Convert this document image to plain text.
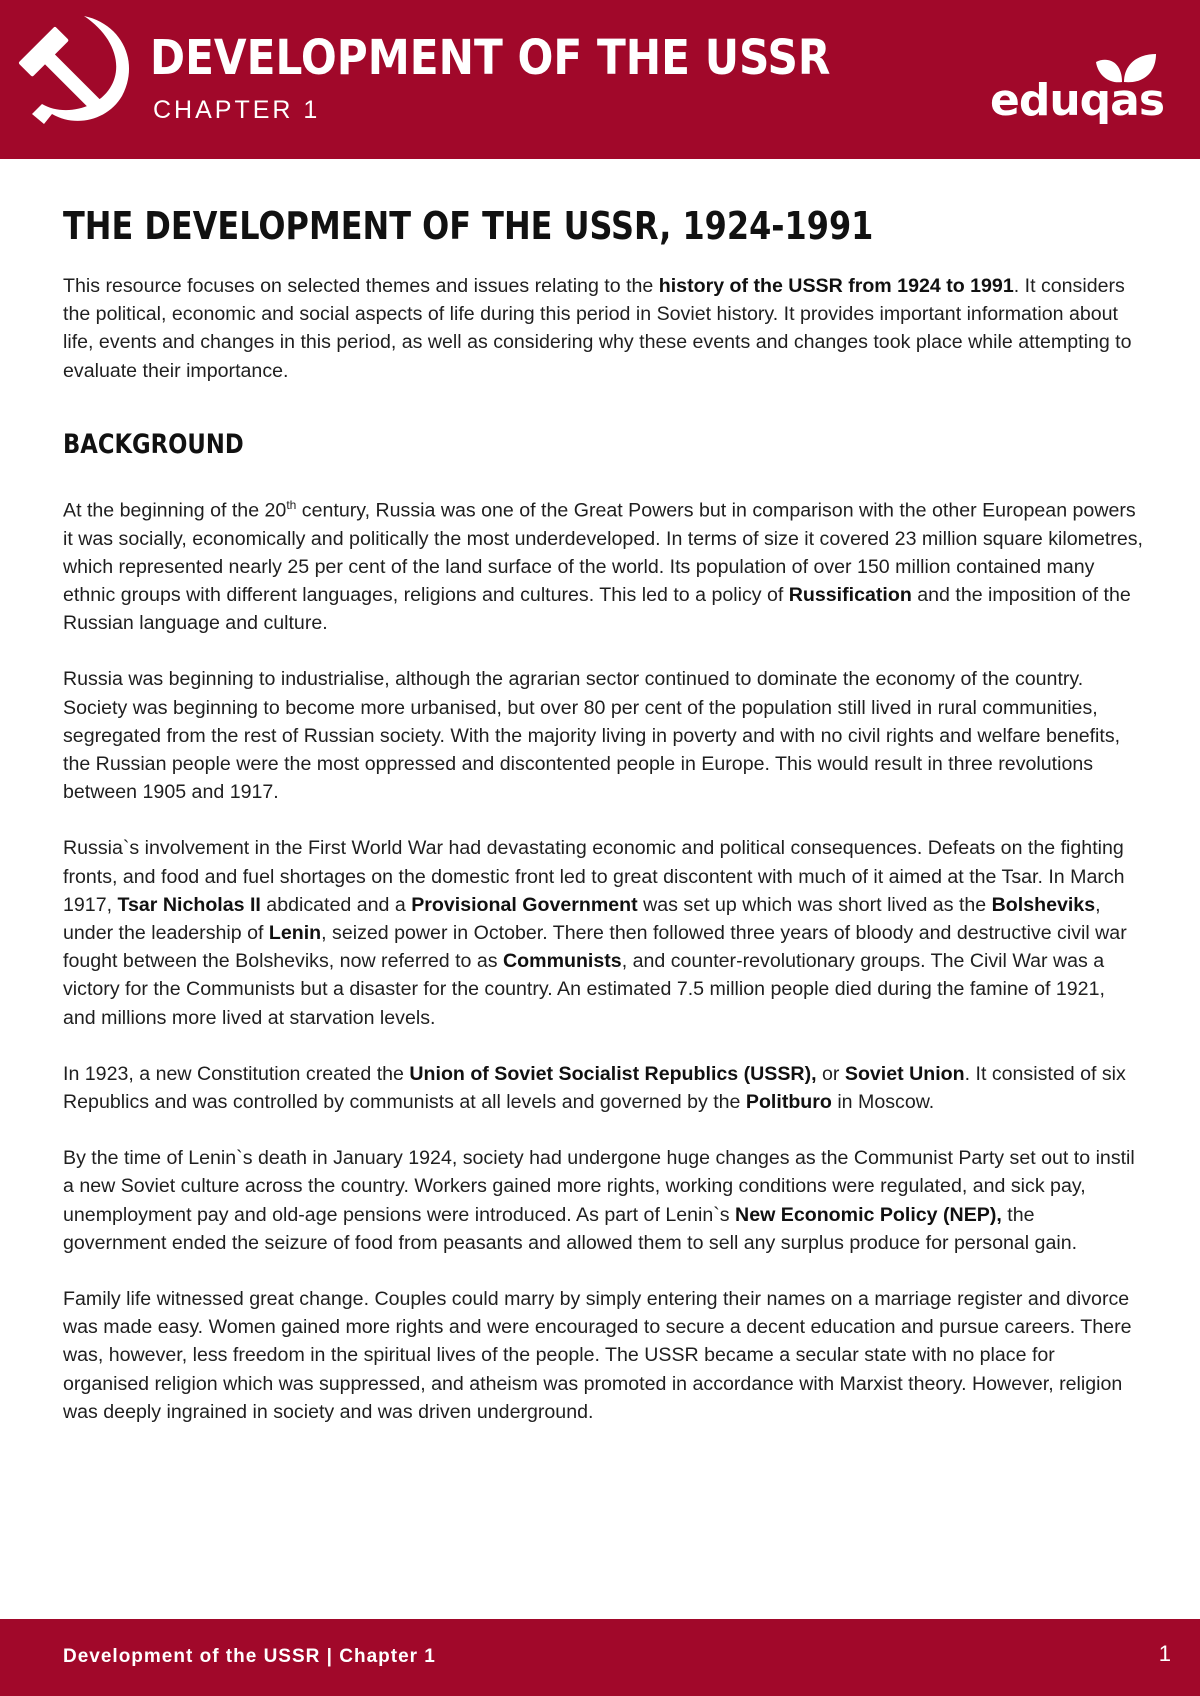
DEVELOPMENT OF THE USSR
CHAPTER 1	eduqas
THE DEVELOPMENT OF THE USSR, 1924-1991

This resource focuses on selected themes and issues relating to the history of the USSR from 1924 to 1991. It considers the political, economic and social aspects of life during this period in Soviet history. It provides important information about life, events and changes in this period, as well as considering why these events and changes took place while attempting to evaluate their importance.

BACKGROUND

At the beginning of the 20th century, Russia was one of the Great Powers but in comparison with the other European powers it was socially, economically and politically the most underdeveloped. In terms of size it covered 23 million square kilometres, which represented nearly 25 per cent of the land surface of the world. Its population of over 150 million contained many ethnic groups with different languages, religions and cultures. This led to a policy of Russification and the imposition of the Russian language and culture.

Russia was beginning to industrialise, although the agrarian sector continued to dominate the economy of the country. Society was beginning to become more urbanised, but over 80 per cent of the population still lived in rural communities, segregated from the rest of Russian society. With the majority living in poverty and with no civil rights and welfare benefits, the Russian people were the most oppressed and discontented people in Europe. This would result in three revolutions between 1905 and 1917.

Russia`s involvement in the First World War had devastating economic and political consequences. Defeats on the fighting fronts, and food and fuel shortages on the domestic front led to great discontent with much of it aimed at the Tsar. In March 1917, Tsar Nicholas II abdicated and a Provisional Government was set up which was short lived as the Bolsheviks, under the leadership of Lenin, seized power in October. There then followed three years of bloody and destructive civil war fought between the Bolsheviks, now referred to as Communists, and counter-revolutionary groups. The Civil War was a victory for the Communists but a disaster for the country. An estimated 7.5 million people died during the famine of 1921, and millions more lived at starvation levels.

In 1923, a new Constitution created the Union of Soviet Socialist Republics (USSR), or Soviet Union. It consisted of six Republics and was controlled by communists at all levels and governed by the Politburo in Moscow.

By the time of Lenin`s death in January 1924, society had undergone huge changes as the Communist Party set out to instil a new Soviet culture across the country. Workers gained more rights, working conditions were regulated, and sick pay, unemployment pay and old-age pensions were introduced. As part of Lenin`s New Economic Policy (NEP), the government ended the seizure of food from peasants and allowed them to sell any surplus produce for personal gain.

Family life witnessed great change. Couples could marry by simply entering their names on a marriage register and divorce was made easy. Women gained more rights and were encouraged to secure a decent education and pursue careers. There was, however, less freedom in the spiritual lives of the people. The USSR became a secular state with no place for organised religion which was suppressed, and atheism was promoted in accordance with Marxist theory. However, religion was deeply ingrained in society and was driven underground.

Development of the USSR | Chapter 1	1
